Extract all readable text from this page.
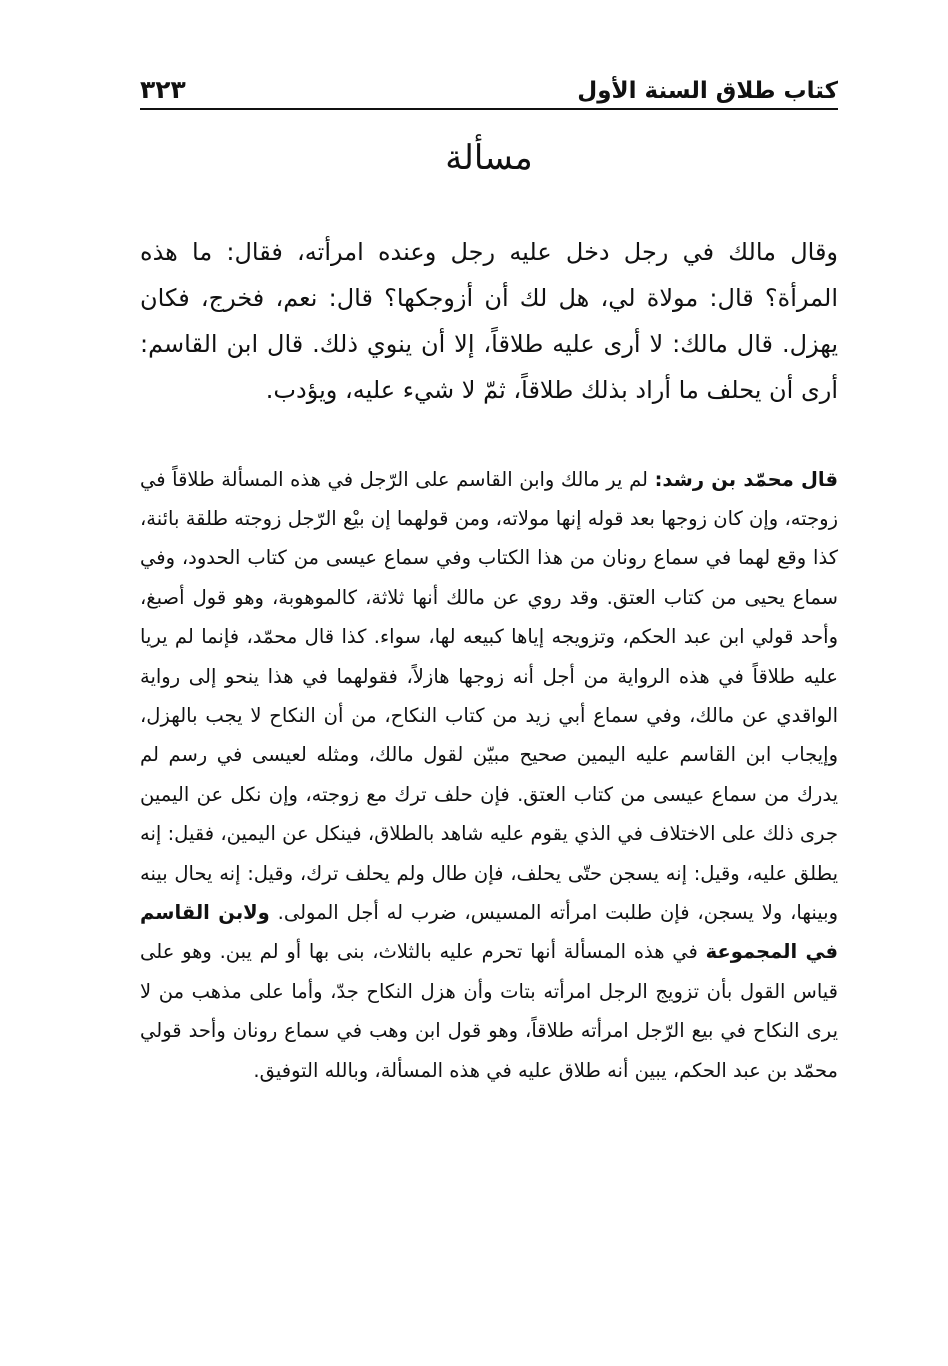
٣٢٣	كتاب طلاق السنة الأول
مسألة

وقال مالك في رجل دخل عليه رجل وعنده امرأته، فقال: ما هذه المرأة؟ قال: مولاة لي، هل لك أن أزوجكها؟ قال: نعم، فخرج، فكان يهزل. قال مالك: لا أرى عليه طلاقاً، إلا أن ينوي ذلك. قال ابن القاسم: أرى أن يحلف ما أراد بذلك طلاقاً، ثمّ لا شيء عليه، ويؤدب.

قال محمّد بن رشد: لم ير مالك وابن القاسم على الرّجل في هذه المسألة طلاقاً في زوجته، وإن كان زوجها بعد قوله إنها مولاته، ومن قولهما إن بيْع الرّجل زوجته طلقة بائنة، كذا وقع لهما في سماع رونان من هذا الكتاب وفي سماع عيسى من كتاب الحدود، وفي سماع يحيى من كتاب العتق. وقد روي عن مالك أنها ثلاثة، كالموهوبة، وهو قول أصبغ، وأحد قولي ابن عبد الحكم، وتزويجه إياها كبيعه لها، سواء. كذا قال محمّد، فإنما لم يريا عليه طلاقاً في هذه الرواية من أجل أنه زوجها هازلاً، فقولهما في هذا ينحو إلى رواية الواقدي عن مالك، وفي سماع أبي زيد من كتاب النكاح، من أن النكاح لا يجب بالهزل، وإيجاب ابن القاسم عليه اليمين صحيح مبيّن لقول مالك، ومثله لعيسى في رسم لم يدرك من سماع عيسى من كتاب العتق. فإن حلف ترك مع زوجته، وإن نكل عن اليمين جرى ذلك على الاختلاف في الذي يقوم عليه شاهد بالطلاق، فينكل عن اليمين، فقيل: إنه يطلق عليه، وقيل: إنه يسجن حتّى يحلف، فإن طال ولم يحلف ترك، وقيل: إنه يحال بينه وبينها، ولا يسجن، فإن طلبت امرأته المسيس، ضرب له أجل المولى. ولابن القاسم في المجموعة في هذه المسألة أنها تحرم عليه بالثلاث، بنى بها أو لم يبن. وهو على قياس القول بأن تزويج الرجل امرأته بتات وأن هزل النكاح جدّ، وأما على مذهب من لا يرى النكاح في بيع الرّجل امرأته طلاقاً، وهو قول ابن وهب في سماع رونان وأحد قولي محمّد بن عبد الحكم، يبين أنه طلاق عليه في هذه المسألة، وبالله التوفيق.
